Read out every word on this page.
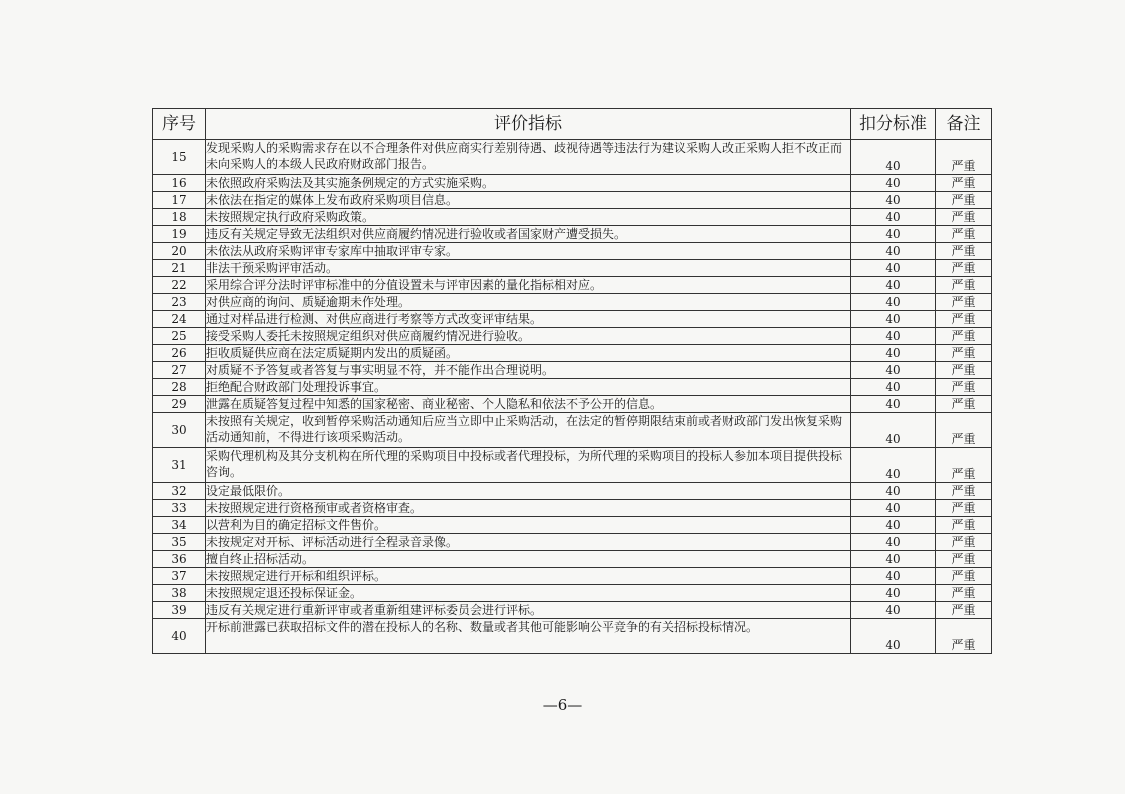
序号	评价指标	扣分标准	备注
15	发现采购人的采购需求存在以不合理条件对供应商实行差别待遇、歧视待遇等违法行为建议采购人改正采购人拒不改正而未向采购人的本级人民政府财政部门报告。	40	严重
16	未依照政府采购法及其实施条例规定的方式实施采购。	40	严重
17	未依法在指定的媒体上发布政府采购项目信息。	40	严重
18	未按照规定执行政府采购政策。	40	严重
19	违反有关规定导致无法组织对供应商履约情况进行验收或者国家财产遭受损失。	40	严重
20	未依法从政府采购评审专家库中抽取评审专家。	40	严重
21	非法干预采购评审活动。	40	严重
22	采用综合评分法时评审标准中的分值设置未与评审因素的量化指标相对应。	40	严重
23	对供应商的询问、质疑逾期未作处理。	40	严重
24	通过对样品进行检测、对供应商进行考察等方式改变评审结果。	40	严重
25	接受采购人委托未按照规定组织对供应商履约情况进行验收。	40	严重
26	拒收质疑供应商在法定质疑期内发出的质疑函。	40	严重
27	对质疑不予答复或者答复与事实明显不符，并不能作出合理说明。	40	严重
28	拒绝配合财政部门处理投诉事宜。	40	严重
29	泄露在质疑答复过程中知悉的国家秘密、商业秘密、个人隐私和依法不予公开的信息。	40	严重
30	未按照有关规定，收到暂停采购活动通知后应当立即中止采购活动，在法定的暂停期限结束前或者财政部门发出恢复采购活动通知前，不得进行该项采购活动。	40	严重
31	采购代理机构及其分支机构在所代理的采购项目中投标或者代理投标，为所代理的采购项目的投标人参加本项目提供投标咨询。	40	严重
32	设定最低限价。	40	严重
33	未按照规定进行资格预审或者资格审查。	40	严重
34	以营利为目的确定招标文件售价。	40	严重
35	未按规定对开标、评标活动进行全程录音录像。	40	严重
36	擅自终止招标活动。	40	严重
37	未按照规定进行开标和组织评标。	40	严重
38	未按照规定退还投标保证金。	40	严重
39	违反有关规定进行重新评审或者重新组建评标委员会进行评标。	40	严重
40	开标前泄露已获取招标文件的潜在投标人的名称、数量或者其他可能影响公平竞争的有关招标投标情况。	40	严重
—6—
